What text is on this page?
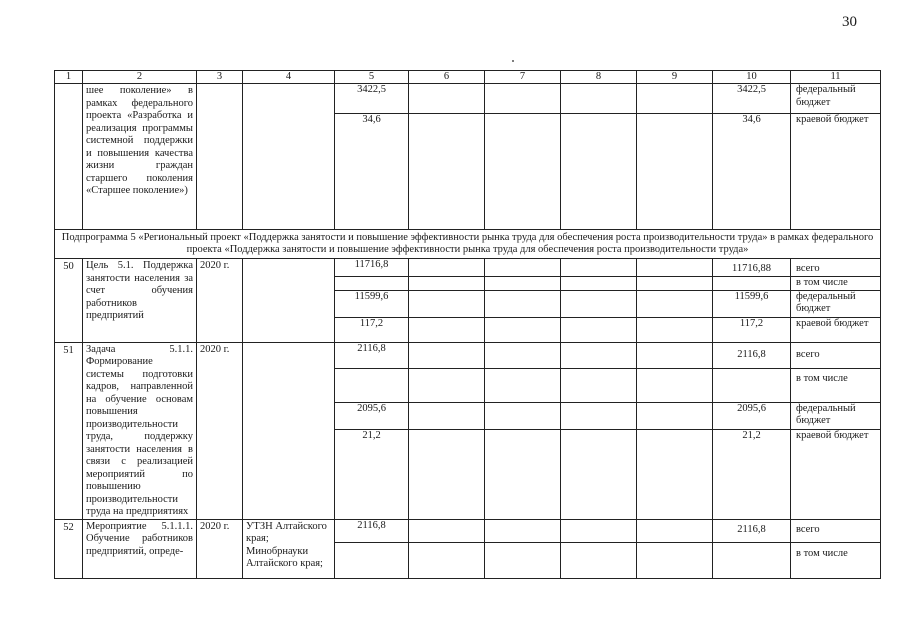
30
1	2	3	4	5	6	7	8	9	10	11
	шее поколение» в рамках федерального проекта «Разработка и реализация программы системной поддержки и повышения качества жизни граждан старшего поколения «Старшее поколение»)			3422,5					3422,5	федеральный бюджет
				34,6					34,6	краевой бюджет
Подпрограмма 5 «Региональный проект «Поддержка занятости и повышение эффективности рынка труда для обеспечения роста производительности труда» в рамках федерального проекта «Поддержка занятости и повышение эффективности рынка труда для обеспечения роста производительности труда»										
50	Цель 5.1. Поддержка занятости населения за счет обучения работников предприятий	2020 г.		11716,8					11716,88	всего
										в том числе
				11599,6					11599,6	федеральный бюджет
				117,2					117,2	краевой бюджет
51	Задача 5.1.1. Формирование системы подготовки кадров, направленной на обучение основам повышения производительности труда, поддержку занятости населения в связи с реализацией мероприятий по повышению производительности труда на предприятиях	2020 г.		2116,8					2116,8	всего
										в том числе
				2095,6					2095,6	федеральный бюджет
				21,2					21,2	краевой бюджет
52	Мероприятие 5.1.1.1. Обучение работников предприятий, опреде-	2020 г.	УТЗН Алтайского края; Минобрнауки Алтайского края;	2116,8					2116,8	всего
										в том числе
